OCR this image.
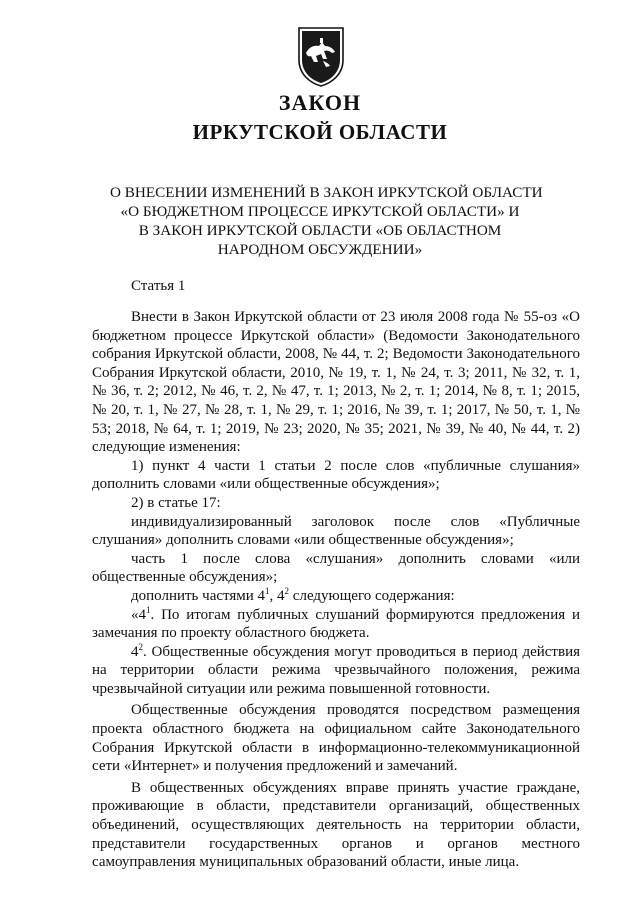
ЗАКОН
ИРКУТСКОЙ ОБЛАСТИ
О ВНЕСЕНИИ ИЗМЕНЕНИЙ В ЗАКОН ИРКУТСКОЙ ОБЛАСТИ
«О БЮДЖЕТНОМ ПРОЦЕССЕ ИРКУТСКОЙ ОБЛАСТИ» И
В ЗАКОН ИРКУТСКОЙ ОБЛАСТИ «ОБ ОБЛАСТНОМ
НАРОДНОМ ОБСУЖДЕНИИ»
Статья 1

Внести в Закон Иркутской области от 23 июля 2008 года № 55-оз «О бюджетном процессе Иркутской области» (Ведомости Законодательного собрания Иркутской области, 2008, № 44, т. 2; Ведомости Законодательного Собрания Иркутской области, 2010, № 19, т. 1, № 24, т. 3; 2011, № 32, т. 1, № 36, т. 2; 2012, № 46, т. 2, № 47, т. 1; 2013, № 2, т. 1; 2014, № 8, т. 1; 2015, № 20, т. 1, № 27, № 28, т. 1, № 29, т. 1; 2016, № 39, т. 1; 2017, № 50, т. 1, № 53; 2018, № 64, т. 1; 2019, № 23; 2020, № 35; 2021, № 39, № 40, № 44, т. 2) следующие изменения:

1) пункт 4 части 1 статьи 2 после слов «публичные слушания» дополнить словами «или общественные обсуждения»;

2) в статье 17:

индивидуализированный заголовок после слов «Публичные слушания» дополнить словами «или общественные обсуждения»;

часть 1 после слова «слушания» дополнить словами «или общественные обсуждения»;

дополнить частями $4^1$, $4^2$ следующего содержания:

«$4^1$. По итогам публичных слушаний формируются предложения и замечания по проекту областного бюджета.

$4^2$. Общественные обсуждения могут проводиться в период действия на территории области режима чрезвычайного положения, режима чрезвычайной ситуации или режима повышенной готовности.

Общественные обсуждения проводятся посредством размещения проекта областного бюджета на официальном сайте Законодательного Собрания Иркутской области в информационно-телекоммуникационной сети «Интернет» и получения предложений и замечаний.

В общественных обсуждениях вправе принять участие граждане, проживающие в области, представители организаций, общественных объединений, осуществляющих деятельность на территории области, представители государственных органов и органов местного самоуправления муниципальных образований области, иные лица.
